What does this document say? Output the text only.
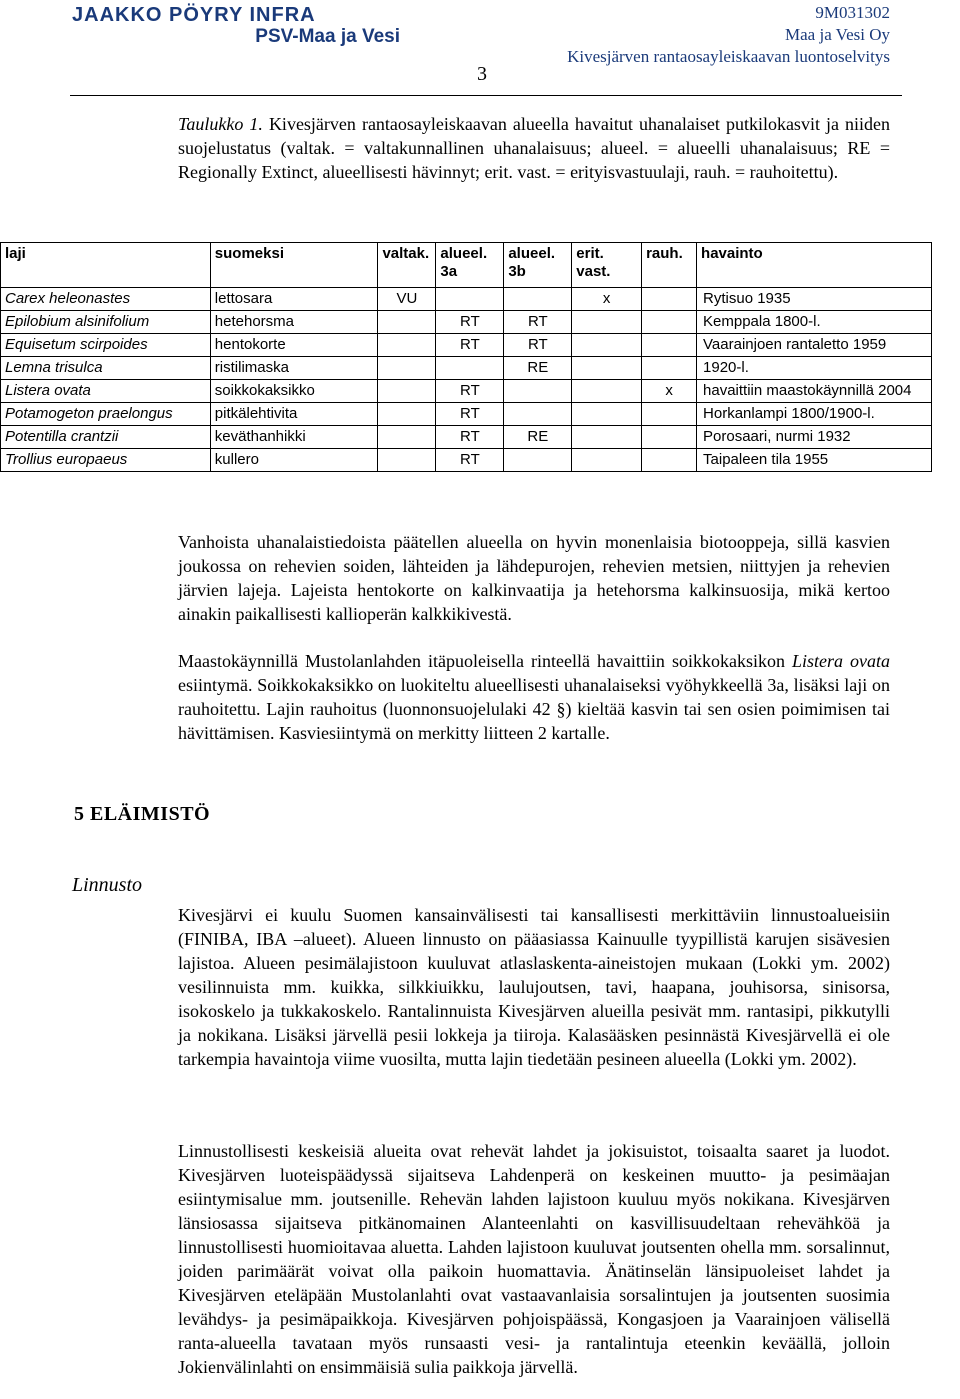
JAAKKO PÖYRY INFRA
PSV-Maa ja Vesi
3
9M031302
Maa ja Vesi Oy
Kivesjärven rantaosayleiskaavan luontoselvitys
Taulukko 1. Kivesjärven rantaosayleiskaavan alueella havaitut uhanalaiset putkilokasvit ja niiden suojelustatus (valtak. = valtakunnallinen uhanalaisuus; alueel. = alueelli uhanalaisuus; RE = Regionally Extinct, alueellisesti hävinnyt; erit. vast. = erityisvastuulaji, rauh. = rauhoitettu).
laji	suomeksi	valtak.	alueel. 3a	alueel. 3b	erit. vast.	rauh.	havainto
Carex heleonastes	lettosara	VU			x		Rytisuo 1935
Epilobium alsinifolium	hetehorsma		RT	RT			Kemppala 1800-l.
Equisetum scirpoides	hentokorte		RT	RT			Vaarainjoen rantaletto 1959
Lemna trisulca	ristilimaska			RE			1920-l.
Listera ovata	soikkokaksikko		RT			x	havaittiin maastokäynnillä 2004
Potamogeton praelongus	pitkälehtivita		RT				Horkanlampi 1800/1900-l.
Potentilla crantzii	keväthanhikki		RT	RE			Porosaari, nurmi 1932
Trollius europaeus	kullero		RT				Taipaleen tila 1955
Vanhoista uhanalaistiedoista päätellen alueella on hyvin monenlaisia biotooppeja, sillä kasvien joukossa on rehevien soiden, lähteiden ja lähdepurojen, rehevien metsien, niittyjen ja rehevien järvien lajeja. Lajeista hentokorte on kalkinvaatija ja hetehorsma kalkinsuosija, mikä kertoo ainakin paikallisesti kallioperän kalkkikivestä.
Maastokäynnillä Mustolanlahden itäpuoleisella rinteellä havaittiin soikkokaksikon Listera ovata esiintymä. Soikkokaksikko on luokiteltu alueellisesti uhanalaiseksi vyöhykkeellä 3a, lisäksi laji on rauhoitettu. Lajin rauhoitus (luonnonsuojelulaki 42 §) kieltää kasvin tai sen osien poimimisen tai hävittämisen. Kasviesiintymä on merkitty liitteen 2 kartalle.
5 ELÄIMISTÖ
Linnusto
Kivesjärvi ei kuulu Suomen kansainvälisesti tai kansallisesti merkittäviin linnustoalueisiin (FINIBA, IBA –alueet). Alueen linnusto on pääasiassa Kainuulle tyypillistä karujen sisävesien lajistoa. Alueen pesimälajistoon kuuluvat atlaslaskenta-aineistojen mukaan (Lokki ym. 2002) vesilinnuista mm. kuikka, silkkiuikku, laulujoutsen, tavi, haapana, jouhisorsa, sinisorsa, isokoskelo ja tukkakoskelo. Rantalinnuista Kivesjärven alueilla pesivät mm. rantasipi, pikkutylli ja nokikana. Lisäksi järvellä pesii lokkeja ja tiiroja. Kalasääsken pesinnästä Kivesjärvellä ei ole tarkempia havaintoja viime vuosilta, mutta lajin tiedetään pesineen alueella (Lokki ym. 2002).
Linnustollisesti keskeisiä alueita ovat rehevät lahdet ja jokisuistot, toisaalta saaret ja luodot. Kivesjärven luoteispäädyssä sijaitseva Lahdenperä on keskeinen muutto- ja pesimäajan esiintymisalue mm. joutsenille. Rehevän lahden lajistoon kuuluu myös nokikana. Kivesjärven länsiosassa sijaitseva pitkänomainen Alanteenlahti on kasvillisuudeltaan rehevähköä ja linnustollisesti huomioitavaa aluetta. Lahden lajistoon kuuluvat joutsenten ohella mm. sorsalinnut, joiden parimäärät voivat olla paikoin huomattavia. Änätinselän länsipuoleiset lahdet ja Kivesjärven eteläpään Mustolanlahti ovat vastaavanlaisia sorsalintujen ja joutsenten suosimia levähdys- ja pesimäpaikkoja. Kivesjärven pohjoispäässä, Kongasjoen ja Vaarainjoen välisellä ranta-alueella tavataan myös runsaasti vesi- ja rantalintuja eteenkin keväällä, jolloin Jokienvälinlahti on ensimmäisiä sulia paikkoja järvellä.
